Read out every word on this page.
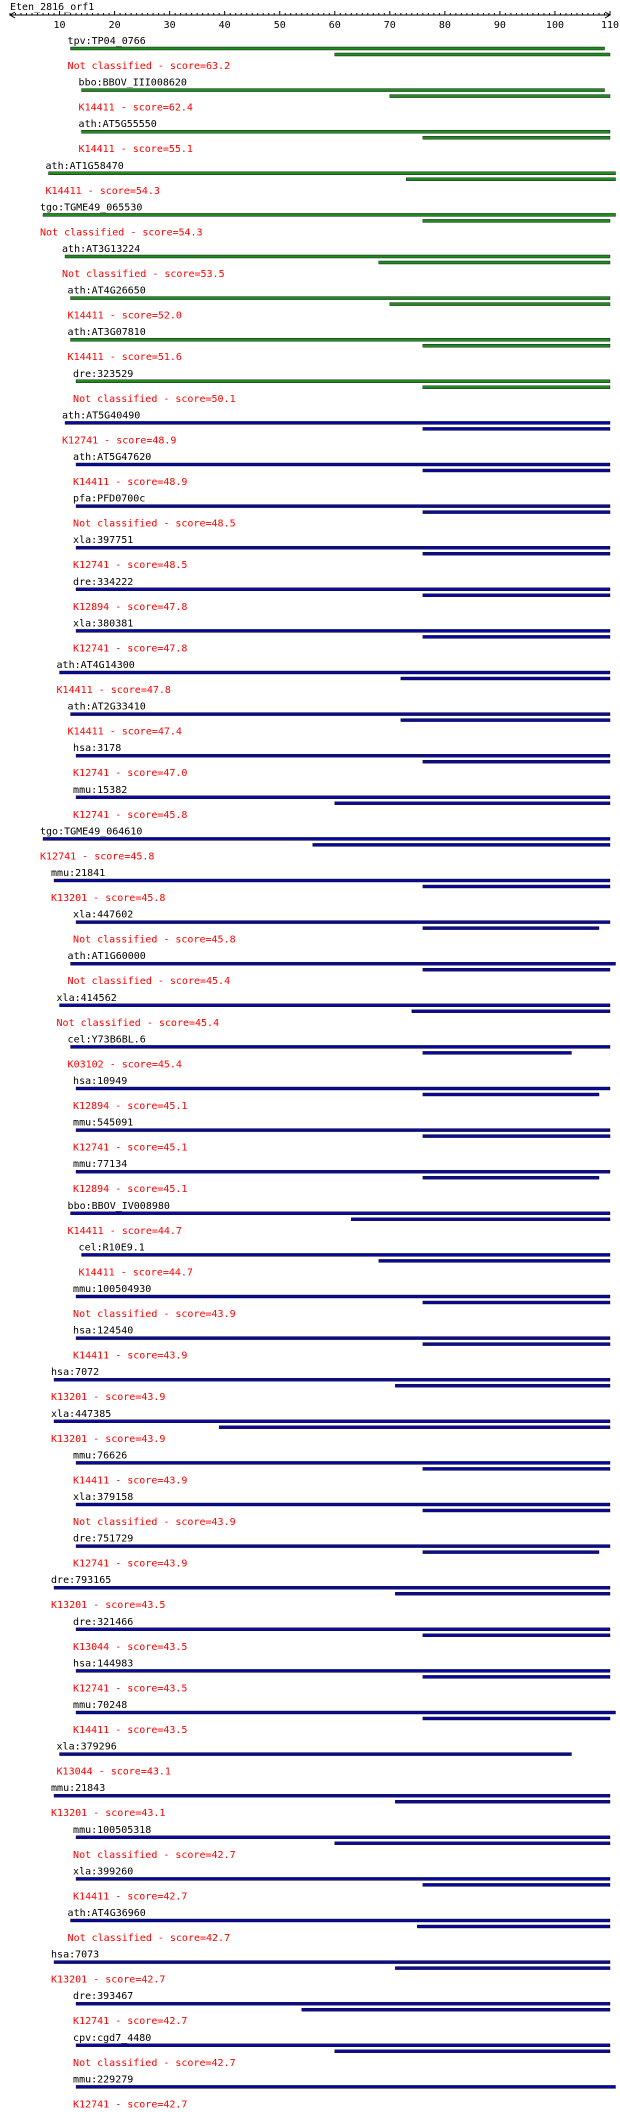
Eten_2816_orf1
10	20	30	40	50	60	70	80	90	100	110
tpv:TP04_0766
Not classified - score=63.2
bbo:BBOV_III008620
K14411 - score=62.4
ath:AT5G55550
K14411 - score=55.1
ath:AT1G58470
K14411 - score=54.3
tgo:TGME49_065530
Not classified - score=54.3
ath:AT3G13224
Not classified - score=53.5
ath:AT4G26650
K14411 - score=52.0
ath:AT3G07810
K14411 - score=51.6
dre:323529
Not classified - score=50.1
ath:AT5G40490
K12741 - score=48.9
ath:AT5G47620
K14411 - score=48.9
pfa:PFD0700c
Not classified - score=48.5
xla:397751
K12741 - score=48.5
dre:334222
K12894 - score=47.8
xla:380381
K12741 - score=47.8
ath:AT4G14300
K14411 - score=47.8
ath:AT2G33410
K14411 - score=47.4
hsa:3178
K12741 - score=47.0
mmu:15382
K12741 - score=45.8
tgo:TGME49_064610
K12741 - score=45.8
mmu:21841
K13201 - score=45.8
xla:447602
Not classified - score=45.8
ath:AT1G60000
Not classified - score=45.4
xla:414562
Not classified - score=45.4
cel:Y73B6BL.6
K03102 - score=45.4
hsa:10949
K12894 - score=45.1
mmu:545091
K12741 - score=45.1
mmu:77134
K12894 - score=45.1
bbo:BBOV_IV008980
K14411 - score=44.7
cel:R10E9.1
K14411 - score=44.7
mmu:100504930
Not classified - score=43.9
hsa:124540
K14411 - score=43.9
hsa:7072
K13201 - score=43.9
xla:447385
K13201 - score=43.9
mmu:76626
K14411 - score=43.9
xla:379158
Not classified - score=43.9
dre:751729
K12741 - score=43.9
dre:793165
K13201 - score=43.5
dre:321466
K13044 - score=43.5
hsa:144983
K12741 - score=43.5
mmu:70248
K14411 - score=43.5
xla:379296
K13044 - score=43.1
mmu:21843
K13201 - score=43.1
mmu:100505318
Not classified - score=42.7
xla:399260
K14411 - score=42.7
ath:AT4G36960
Not classified - score=42.7
hsa:7073
K13201 - score=42.7
dre:393467
K12741 - score=42.7
cpv:cgd7_4480
Not classified - score=42.7
mmu:229279
K12741 - score=42.7
